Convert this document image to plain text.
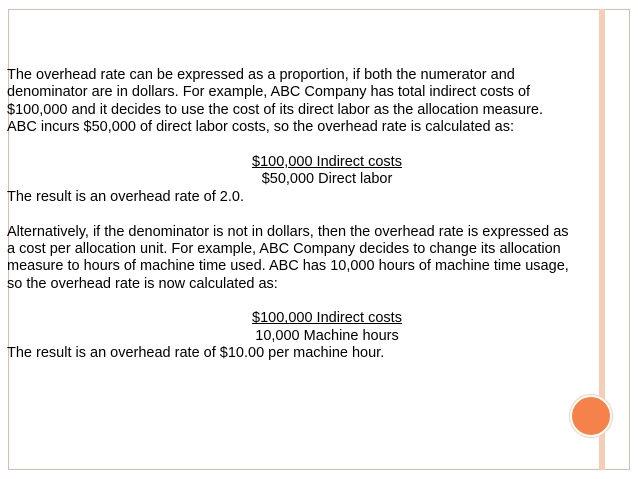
The overhead rate can be expressed as a proportion, if both the numerator and
denominator are in dollars. For example, ABC Company has total indirect costs of
$100,000 and it decides to use the cost of its direct labor as the allocation measure.
ABC incurs $50,000 of direct labor costs, so the overhead rate is calculated as:
$100,000 Indirect costs
$50,000 Direct labor
The result is an overhead rate of 2.0.
Alternatively, if the denominator is not in dollars, then the overhead rate is expressed as
a cost per allocation unit. For example, ABC Company decides to change its allocation
measure to hours of machine time used. ABC has 10,000 hours of machine time usage,
so the overhead rate is now calculated as:
$100,000 Indirect costs
10,000 Machine hours
The result is an overhead rate of $10.00 per machine hour.
